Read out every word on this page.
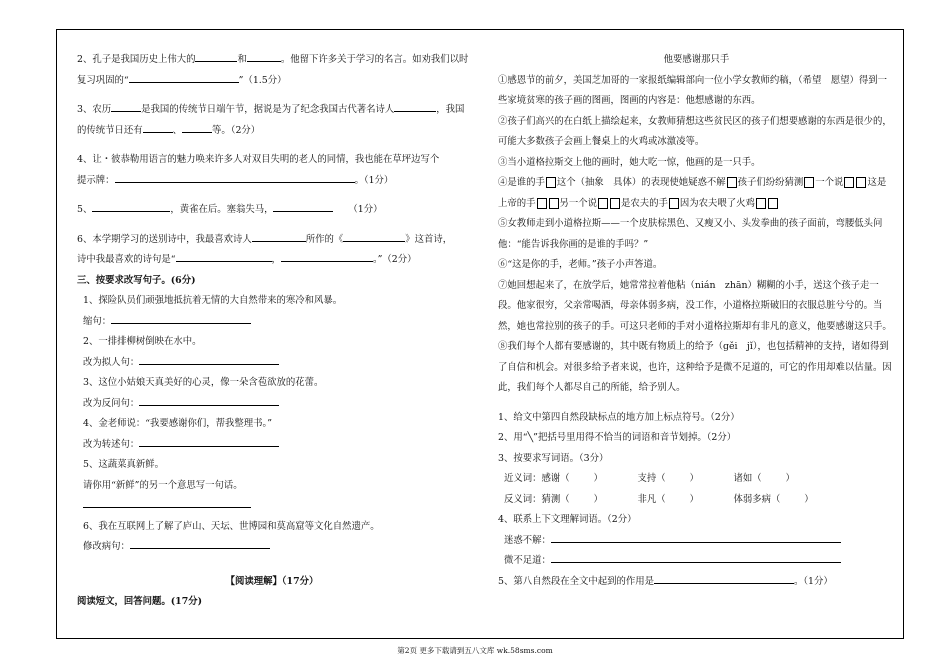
2、孔子是我国历史上伟大的	和	。他留下许多关于学习的名言。如劝我们以时
复习巩固的“	”（1.5分）
3、农历	是我国的传统节日端午节，据说是为了纪念我国古代著名诗人	，我国
的传统节日还有	、	等。（2分）
4、让・彼恭勒用语言的魅力唤来许多人对双目失明的老人的同情，我也能在草坪边写个
提示牌：	。（1分）
5、	，黄雀在后。塞翁失马，	（1分）
6、本学期学习的送别诗中，我最喜欢诗人	所作的《	》这首诗，
诗中我最喜欢的诗句是“	，	。”（2分）
三、按要求改写句子。(6分)
1、探险队员们顽强地抵抗着无情的大自然带来的寒冷和风暴。
缩句：
2、一排排柳树倒映在水中。
改为拟人句：
3、这位小姑娘天真美好的心灵，像一朵含苞欲放的花蕾。
改为反问句：
4、金老师说：“我要感谢你们，帮我整理书。”
改为转述句：
5、这蔬菜真新鲜。
请你用“新鲜”的另一个意思写一句话。
6、我在互联网上了解了庐山、天坛、世博园和莫高窟等文化自然遗产。
修改病句：
【阅读理解】（17分）
阅读短文，回答问题。(17分)
他要感谢那只手
①感恩节的前夕，美国芝加哥的一家报纸编辑部向一位小学女教师约稿，（希望　愿望）得到一些家境贫寒的孩子画的图画，图画的内容是：他想感谢的东西。
②孩子们高兴的在白纸上描绘起来，女教师猜想这些贫民区的孩子们想要感谢的东西是很少的，可能大多数孩子会画上餐桌上的火鸡或冰激凌等。
③当小道格拉斯交上他的画时，她大吃一惊，他画的是一只手。
④是谁的手 这个（抽象　具体）的表现使她疑惑不解 孩子们纷纷猜测 一个说	这是上帝的手	另一个说	是农夫的手 因为农夫喂了火鸡
⑤女教师走到小道格拉斯——一个皮肤棕黑色、又瘦又小、头发拳曲的孩子面前，弯腰低头问他：“能告诉我你画的是谁的手吗？”
⑥“这是你的手，老师。”孩子小声答道。
⑦她回想起来了，在放学后，她常常拉着他粘（nián　zhān）糊糊的小手，送这个孩子走一段。他家很穷，父亲常喝酒，母亲体弱多病，没工作，小道格拉斯破旧的衣服总脏兮兮的。当然，她也常拉别的孩子的手。可这只老师的手对小道格拉斯却有非凡的意义，他要感谢这只手。
⑧我们每个人都有要感谢的，其中既有物质上的给予（gěi　jǐ），也包括精神的支持，诸如得到了自信和机会。对很多给予者来说，也许，这种给予是微不足道的，可它的作用却难以估量。因此，我们每个人都尽自己的所能，给予别人。
1、给文中第四自然段缺标点的地方加上标点符号。（2分）
2、用“╲”把括号里用得不恰当的词语和音节划掉。（2分）
3、按要求写词语。（3分）
近义词：感谢（	）	支持（	）	诸如（	）
反义词：猜测（	）	非凡（	）	体弱多病（	）
4、联系上下文理解词语。（2分）
迷惑不解：
微不足道：
5、第八自然段在全文中起到的作用是	。（1分）
第2页 更多下载请到五八文库 wk.58sms.com
